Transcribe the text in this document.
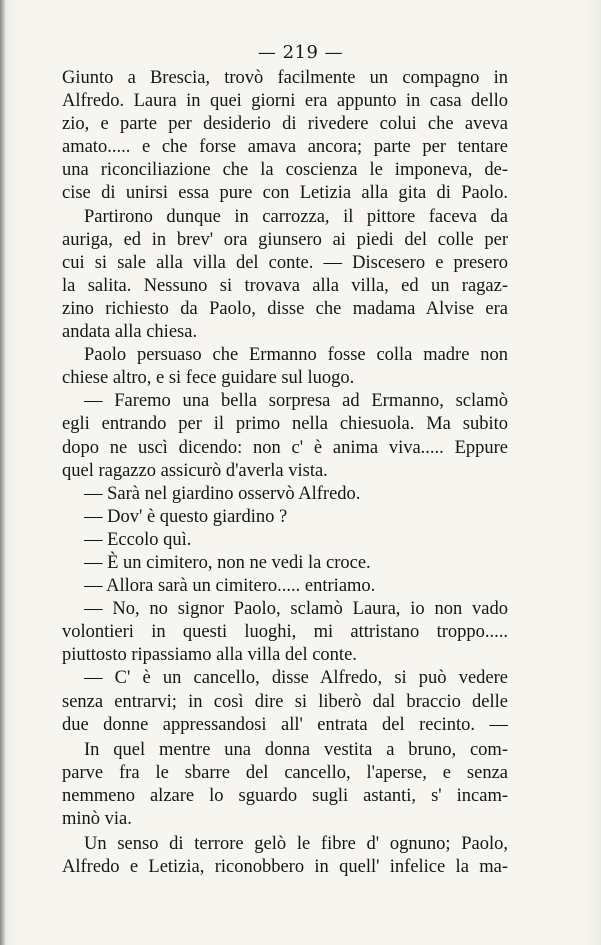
— 219 —
Giunto a Brescia, trovò facilmente un compagno in
Alfredo. Laura in quei giorni era appunto in casa dello
zio, e parte per desiderio di rivedere colui che aveva
amato..... e che forse amava ancora; parte per tentare
una riconciliazione che la coscienza le imponeva, de-
cise di unirsi essa pure con Letizia alla gita di Paolo.
Partirono dunque in carrozza, il pittore faceva da
auriga, ed in brev' ora giunsero ai piedi del colle per
cui si sale alla villa del conte. — Discesero e presero
la salita. Nessuno si trovava alla villa, ed un ragaz-
zino richiesto da Paolo, disse che madama Alvise era
andata alla chiesa.
Paolo persuaso che Ermanno fosse colla madre non
chiese altro, e si fece guidare sul luogo.
— Faremo una bella sorpresa ad Ermanno, sclamò
egli entrando per il primo nella chiesuola. Ma subito
dopo ne uscì dicendo: non c' è anima viva..... Eppure
quel ragazzo assicurò d'averla vista.
— Sarà nel giardino osservò Alfredo.
— Dov' è questo giardino ?
— Eccolo quì.
— È un cimitero, non ne vedi la croce.
— Allora sarà un cimitero..... entriamo.
— No, no signor Paolo, sclamò Laura, io non vado
volontieri in questi luoghi, mi attristano troppo.....
piuttosto ripassiamo alla villa del conte.
— C' è un cancello, disse Alfredo, si può vedere
senza entrarvi; in così dire si liberò dal braccio delle
due donne appressandosi all' entrata del recinto. —
In quel mentre una donna vestita a bruno, com-
parve fra le sbarre del cancello, l'aperse, e senza
nemmeno alzare lo sguardo sugli astanti, s' incam-
minò via.
Un senso di terrore gelò le fibre d' ognuno; Paolo,
Alfredo e Letizia, riconobbero in quell' infelice la ma-
